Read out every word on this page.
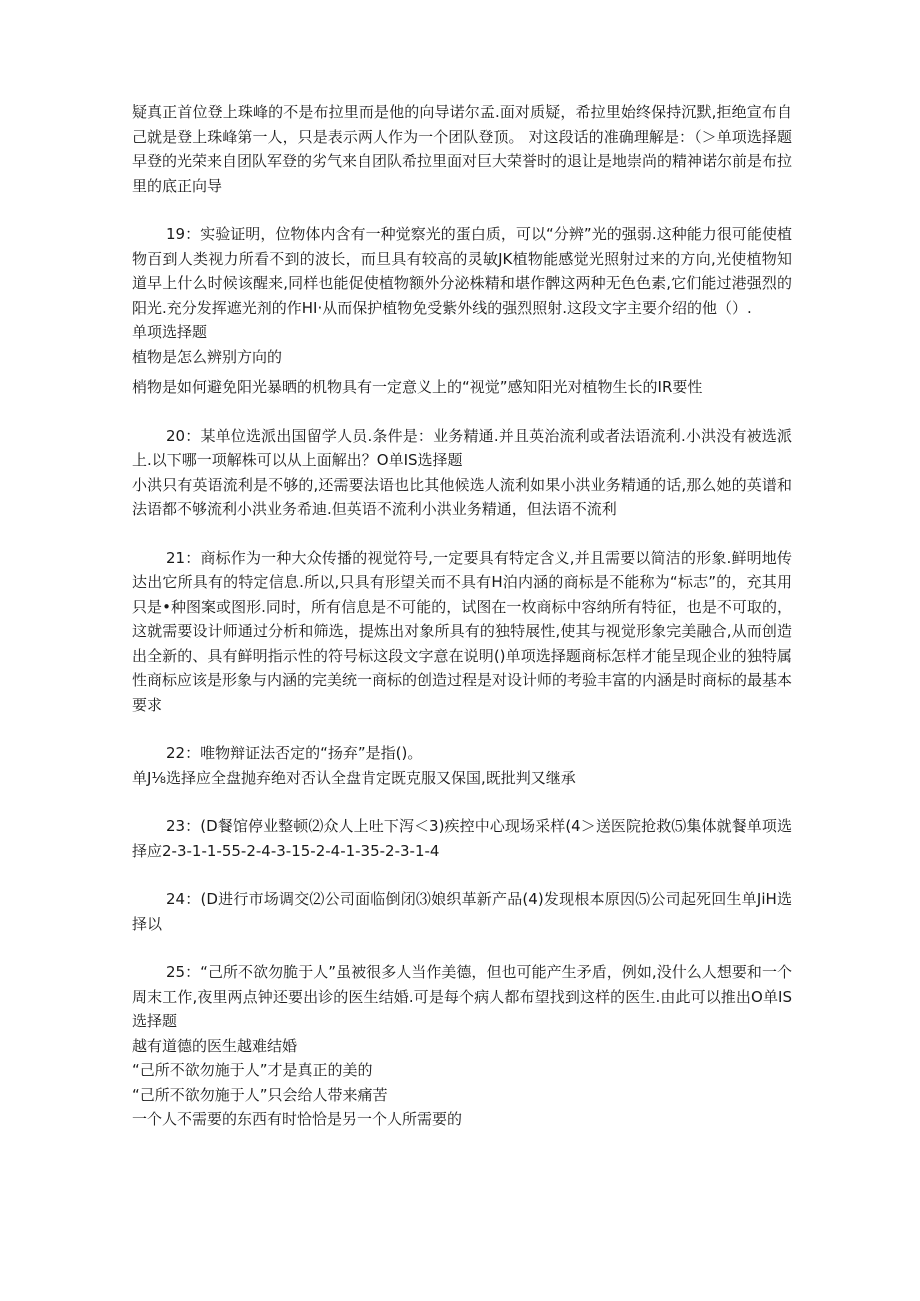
疑真正首位登上珠峰的不是布拉里而是他的向导诺尔孟.面对质疑，希拉里始终保持沉默,拒绝宣布自己就是登上珠峰第一人，只是表示两人作为一个团队登顶。 对这段话的准确理解是：（＞单项选择题早登的光荣来自团队军登的劣气来自团队希拉里面对巨大荣誉时的退让是地崇尚的精神诺尔前是布拉里的底正向导

19：实验证明，位物体内含有一种觉察光的蛋白质，可以“分辨”光的强弱.这种能力很可能使植物百到人类视力所看不到的波长，而旦具有较高的灵敏JK植物能感觉光照射过来的方向,光使植物知道早上什么时候该醒来,同样也能促使植物额外分泌株精和堪作髀这两种无色色素,它们能过港强烈的阳光.充分发挥遮光剂的作HI·从而保护植物免受紫外线的强烈照射.这段文字主要介绍的他（）.

单项选择题

植物是怎么辨别方向的

梢物是如何避免阳光暴晒的机物具有一定意义上的“视觉”感知阳光对植物生长的IR要性

20：某单位选派出国留学人员.条件是：业务精通.并且英治流利或者法语流利.小洪没有被选派上.以下哪一项解株可以从上面解出？O单IS选择题

小洪只有英语流利是不够的,还需要法语也比其他候选人流利如果小洪业务精通的话,那么她的英谱和法语都不够流利小洪业务希迪.但英语不流利小洪业务精通，但法语不流利

21：商标作为一种大众传播的视觉符号,一定要具有特定含义,并且需要以简洁的形象.鲜明地传达出它所具有的特定信息.所以,只具有形望关而不具有H泊内涵的商标是不能称为“标志”的，充其用只是•种图案或图形.同时，所有信息是不可能的，试图在一枚商标中容纳所有特征，也是不可取的，这就需要设计师通过分析和筛选，提炼出对象所具有的独特展性,使其与视觉形象完美融合,从而创造出全新的、具有鲜明指示性的符号标这段文字意在说明()单项选择题商标怎样才能呈现企业的独特属性商标应该是形象与内涵的完美统一商标的创造过程是对设计师的考验丰富的内涵是时商标的最基本要求

22：唯物辩证法否定的“扬弃”是指()。

单J⅛选择应全盘抛弃绝对否认全盘肯定既克服又保国,既批判又继承

23：(D餐馆停业整顿⑵众人上吐下泻＜3)疾控中心现场采样(4＞送医院抢救⑸集体就餐单项选择应2-3-1-1-55-2-4-3-15-2-4-1-35-2-3-1-4

24：(D进行市场调交⑵公司面临倒闭⑶娘织革新产品(4)发现根本原因⑸公司起死回生单JiH选择以

25：“己所不欲勿脆于人”虽被很多人当作美德，但也可能产生矛盾，例如,没什么人想要和一个周末工作,夜里两点钟还要出诊的医生结婚.可是每个病人都布望找到这样的医生.由此可以推出O单IS选择题

越有道德的医生越难结婚

“己所不欲勿施于人”才是真正的美的

“己所不欲勿施于人”只会给人带来痛苦

一个人不需要的东西有时恰恰是另一个人所需要的
